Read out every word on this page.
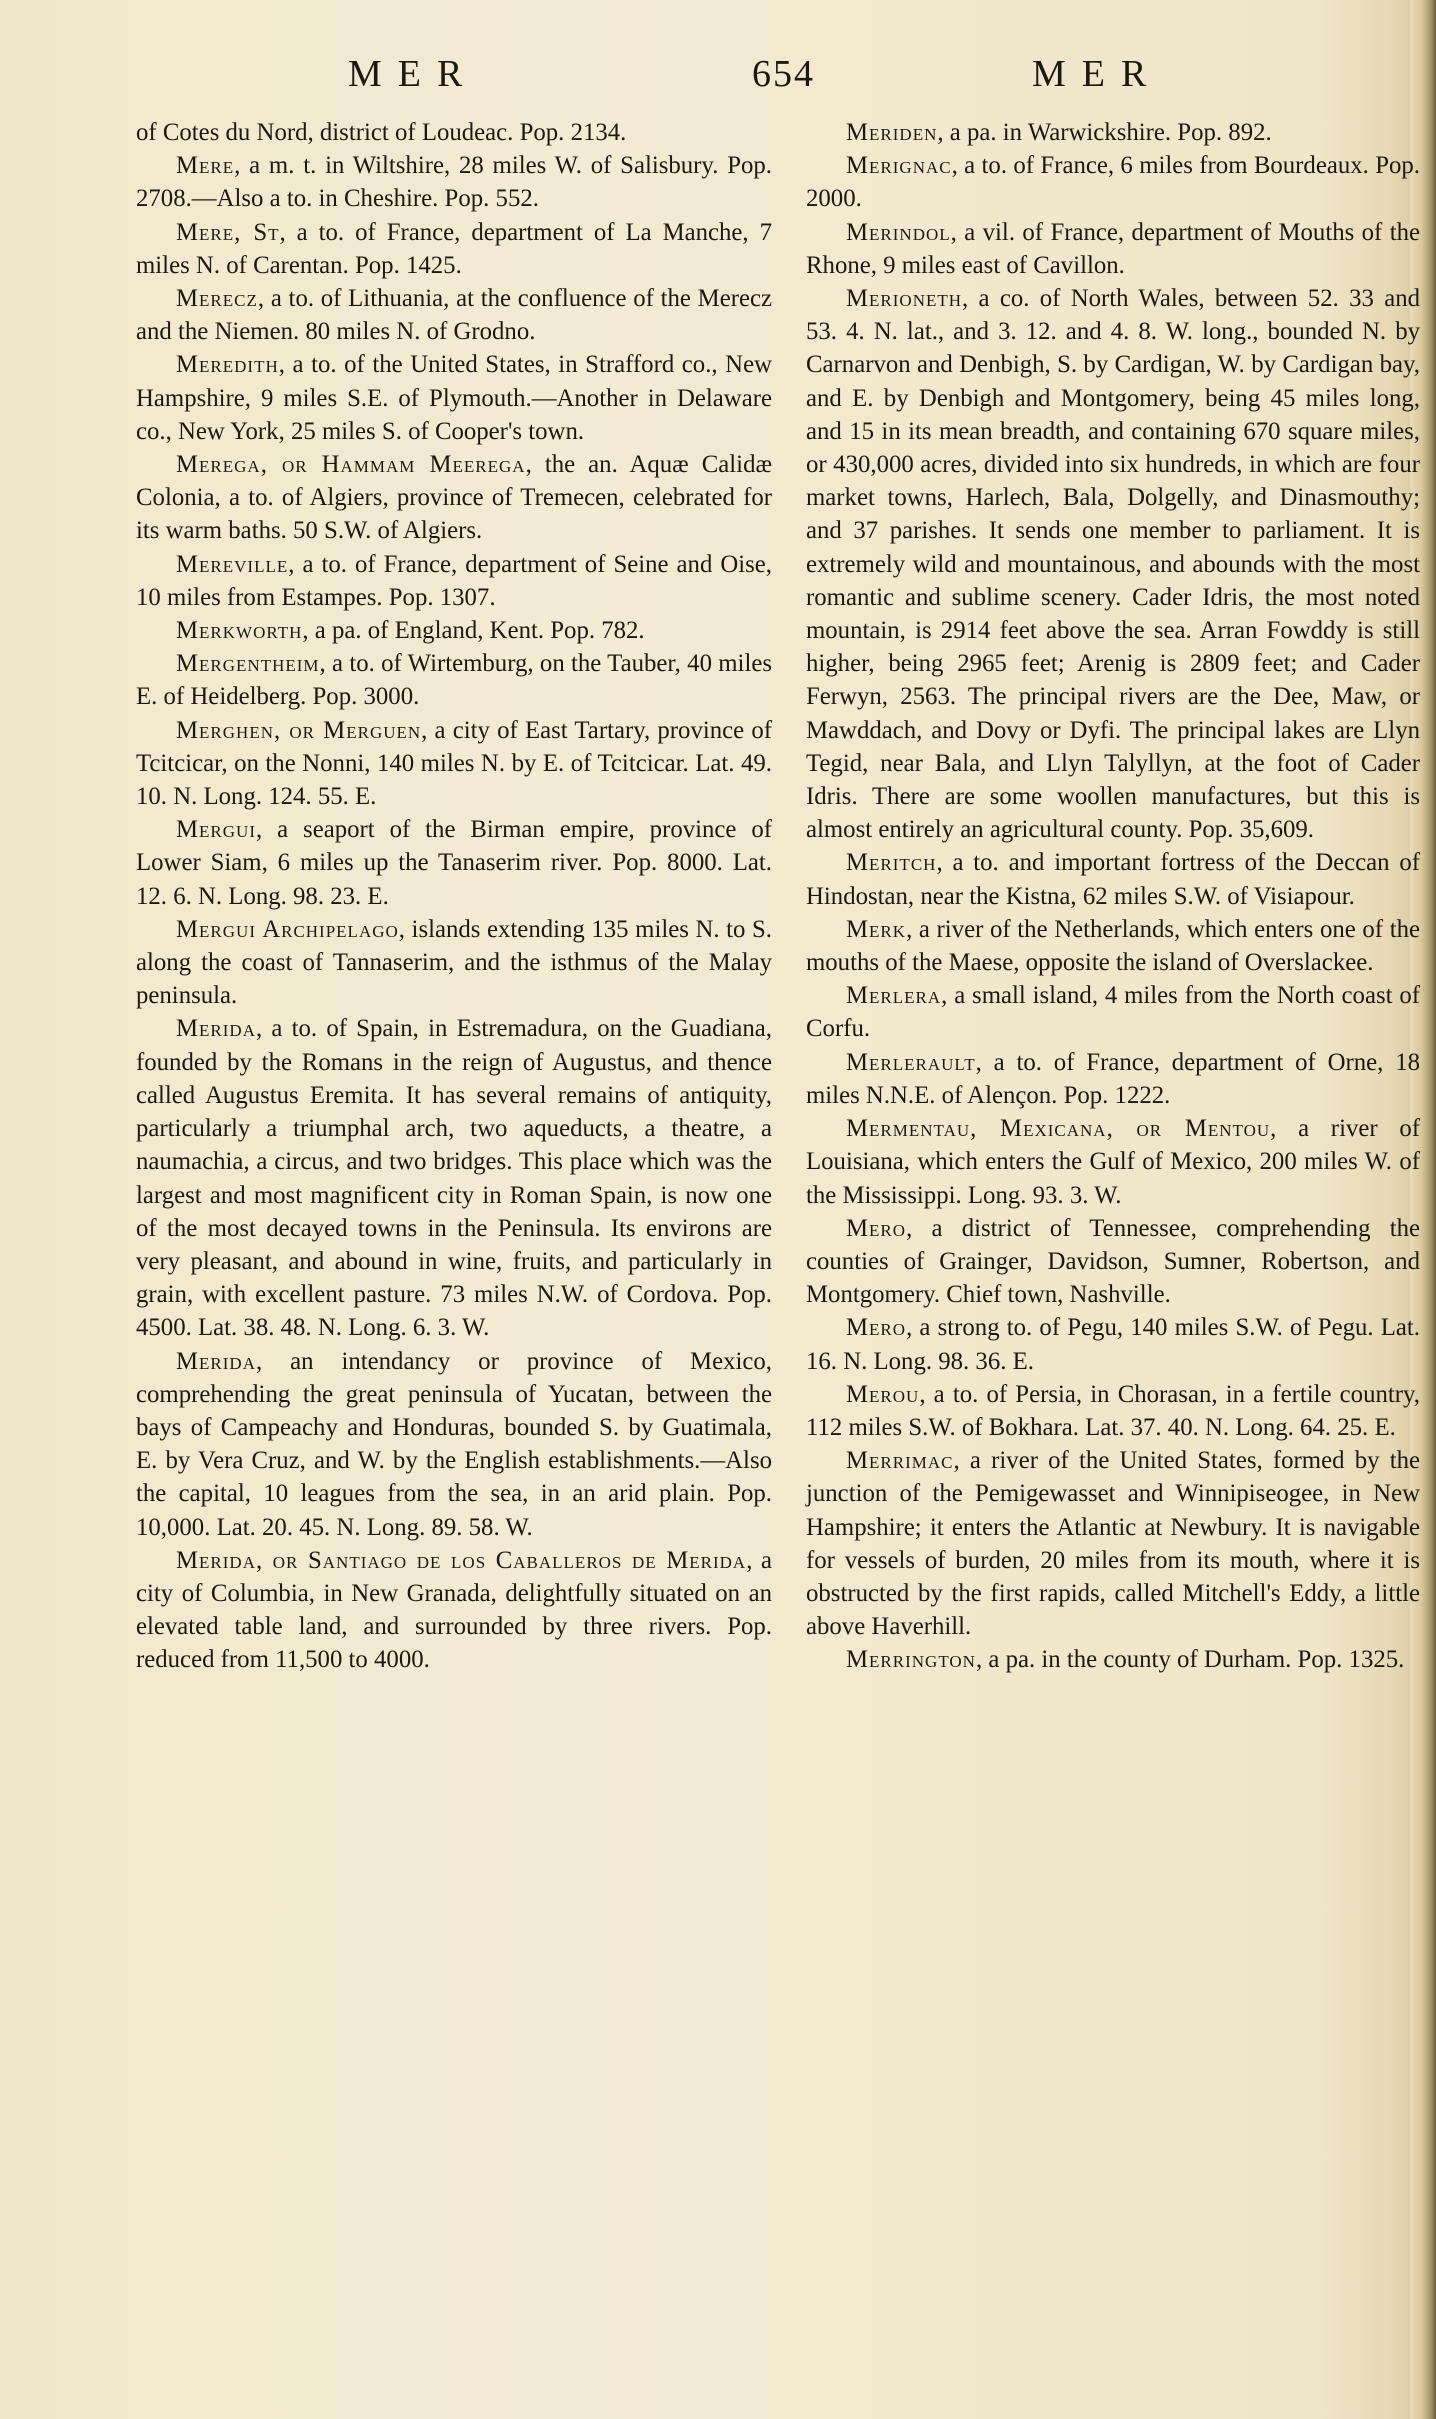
MER	654	MER

of Cotes du Nord, district of Loudeac. Pop. 2134.

Mere, a m. t. in Wiltshire, 28 miles W. of Salisbury. Pop. 2708.—Also a to. in Cheshire. Pop. 552.

Mere, St, a to. of France, department of La Manche, 7 miles N. of Carentan. Pop. 1425.

Merecz, a to. of Lithuania, at the confluence of the Merecz and the Niemen. 80 miles N. of Grodno.

Meredith, a to. of the United States, in Strafford co., New Hampshire, 9 miles S.E. of Plymouth.—Another in Delaware co., New York, 25 miles S. of Cooper's town.

Merega, or Hammam Meerega, the an. Aquæ Calidæ Colonia, a to. of Algiers, province of Tremecen, celebrated for its warm baths. 50 S.W. of Algiers.

Mereville, a to. of France, department of Seine and Oise, 10 miles from Estampes. Pop. 1307.

Merkworth, a pa. of England, Kent. Pop. 782.

Mergentheim, a to. of Wirtemburg, on the Tauber, 40 miles E. of Heidelberg. Pop. 3000.

Merghen, or Merguen, a city of East Tartary, province of Tcitcicar, on the Nonni, 140 miles N. by E. of Tcitcicar. Lat. 49. 10. N. Long. 124. 55. E.

Mergui, a seaport of the Birman empire, province of Lower Siam, 6 miles up the Tanaserim river. Pop. 8000. Lat. 12. 6. N. Long. 98. 23. E.

Mergui Archipelago, islands extending 135 miles N. to S. along the coast of Tannaserim, and the isthmus of the Malay peninsula.

Merida, a to. of Spain, in Estremadura, on the Guadiana, founded by the Romans in the reign of Augustus, and thence called Augustus Eremita. It has several remains of antiquity, particularly a triumphal arch, two aqueducts, a theatre, a naumachia, a circus, and two bridges. This place which was the largest and most magnificent city in Roman Spain, is now one of the most decayed towns in the Peninsula. Its environs are very pleasant, and abound in wine, fruits, and particularly in grain, with excellent pasture. 73 miles N.W. of Cordova. Pop. 4500. Lat. 38. 48. N. Long. 6. 3. W.

Merida, an intendancy or province of Mexico, comprehending the great peninsula of Yucatan, between the bays of Campeachy and Honduras, bounded S. by Guatimala, E. by Vera Cruz, and W. by the English establishments.—Also the capital, 10 leagues from the sea, in an arid plain. Pop. 10,000. Lat. 20. 45. N. Long. 89. 58. W.

Merida, or Santiago de los Caballeros de Merida, a city of Columbia, in New Granada, delightfully situated on an elevated table land, and surrounded by three rivers. Pop. reduced from 11,500 to 4000.

Meriden, a pa. in Warwickshire. Pop. 892.

Merignac, a to. of France, 6 miles from Bourdeaux. Pop. 2000.

Merindol, a vil. of France, department of Mouths of the Rhone, 9 miles east of Cavillon.

Merioneth, a co. of North Wales, between 52. 33 and 53. 4. N. lat., and 3. 12. and 4. 8. W. long., bounded N. by Carnarvon and Denbigh, S. by Cardigan, W. by Cardigan bay, and E. by Denbigh and Montgomery, being 45 miles long, and 15 in its mean breadth, and containing 670 square miles, or 430,000 acres, divided into six hundreds, in which are four market towns, Harlech, Bala, Dolgelly, and Dinasmouthy; and 37 parishes. It sends one member to parliament. It is extremely wild and mountainous, and abounds with the most romantic and sublime scenery. Cader Idris, the most noted mountain, is 2914 feet above the sea. Arran Fowddy is still higher, being 2965 feet; Arenig is 2809 feet; and Cader Ferwyn, 2563. The principal rivers are the Dee, Maw, or Mawddach, and Dovy or Dyfi. The principal lakes are Llyn Tegid, near Bala, and Llyn Talyllyn, at the foot of Cader Idris. There are some woollen manufactures, but this is almost entirely an agricultural county. Pop. 35,609.

Meritch, a to. and important fortress of the Deccan of Hindostan, near the Kistna, 62 miles S.W. of Visiapour.

Merk, a river of the Netherlands, which enters one of the mouths of the Maese, opposite the island of Overslackee.

Merlera, a small island, 4 miles from the North coast of Corfu.

Merlerault, a to. of France, department of Orne, 18 miles N.N.E. of Alençon. Pop. 1222.

Mermentau, Mexicana, or Mentou, a river of Louisiana, which enters the Gulf of Mexico, 200 miles W. of the Mississippi. Long. 93. 3. W.

Mero, a district of Tennessee, comprehending the counties of Grainger, Davidson, Sumner, Robertson, and Montgomery. Chief town, Nashville.

Mero, a strong to. of Pegu, 140 miles S.W. of Pegu. Lat. 16. N. Long. 98. 36. E.

Merou, a to. of Persia, in Chorasan, in a fertile country, 112 miles S.W. of Bokhara. Lat. 37. 40. N. Long. 64. 25. E.

Merrimac, a river of the United States, formed by the junction of the Pemigewasset and Winnipiseogee, in New Hampshire; it enters the Atlantic at Newbury. It is navigable for vessels of burden, 20 miles from its mouth, where it is obstructed by the first rapids, called Mitchell's Eddy, a little above Haverhill.

Merrington, a pa. in the county of Durham. Pop. 1325.
